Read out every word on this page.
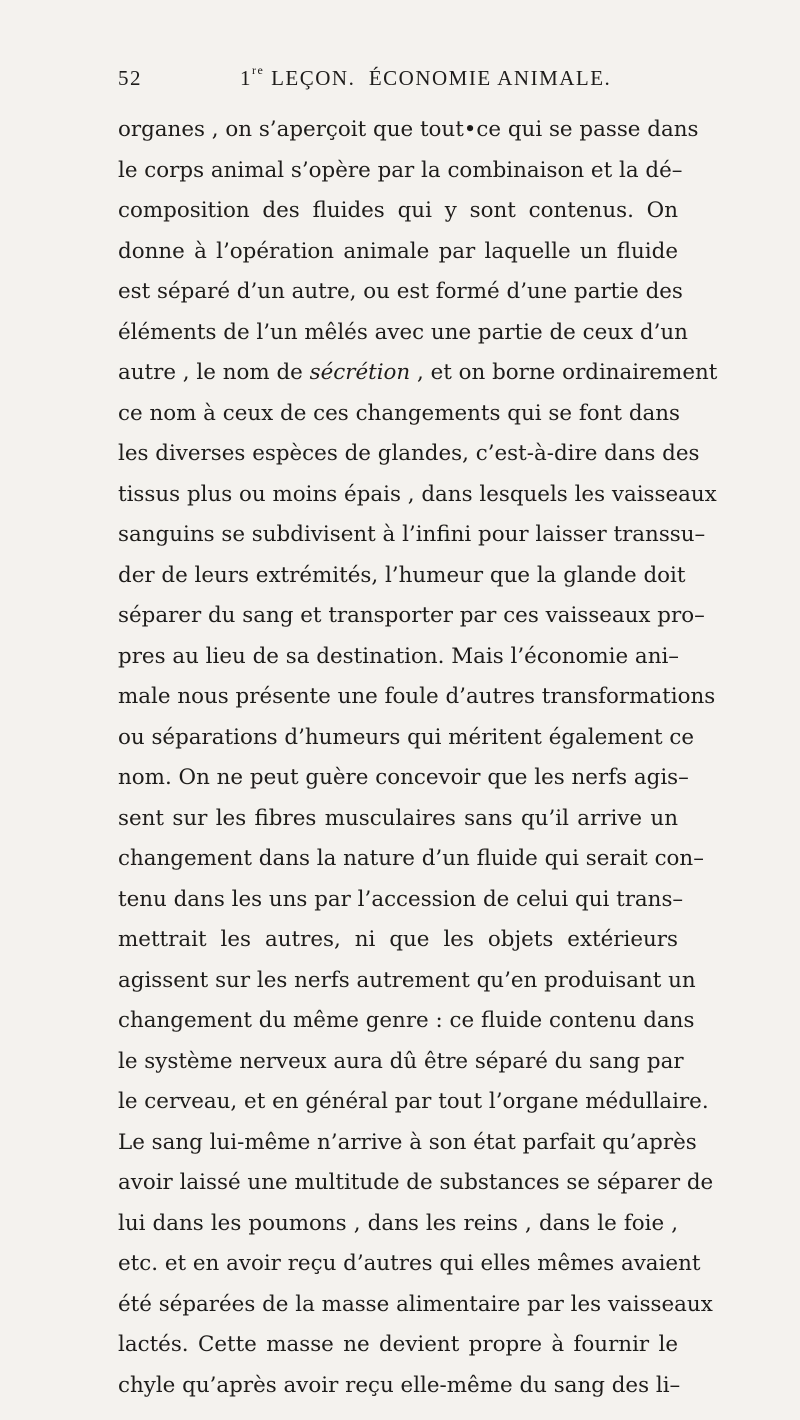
52	1re LEÇON. ÉCONOMIE ANIMALE.
organes , on s’aperçoit que tout•ce qui se passe dans
le corps animal s’opère par la combinaison et la dé–
composition des fluides qui y sont contenus. On
donne à l’opération animale par laquelle un fluide
est séparé d’un autre, ou est formé d’une partie des
éléments de l’un mêlés avec une partie de ceux d’un
autre , le nom de sécrétion , et on borne ordinairement
ce nom à ceux de ces changements qui se font dans
les diverses espèces de glandes, c’est-à-dire dans des
tissus plus ou moins épais , dans lesquels les vaisseaux
sanguins se subdivisent à l’infini pour laisser transsu–
der de leurs extrémités, l’humeur que la glande doit
séparer du sang et transporter par ces vaisseaux pro–
pres au lieu de sa destination. Mais l’économie ani–
male nous présente une foule d’autres transformations
ou séparations d’humeurs qui méritent également ce
nom. On ne peut guère concevoir que les nerfs agis–
sent sur les fibres musculaires sans qu’il arrive un
changement dans la nature d’un fluide qui serait con–
tenu dans les uns par l’accession de celui qui trans–
mettrait les autres, ni que les objets extérieurs
agissent sur les nerfs autrement qu’en produisant un
changement du même genre : ce fluide contenu dans
le système nerveux aura dû être séparé du sang par
le cerveau, et en général par tout l’organe médullaire.
Le sang lui-même n’arrive à son état parfait qu’après
avoir laissé une multitude de substances se séparer de
lui dans les poumons , dans les reins , dans le foie ,
etc. et en avoir reçu d’autres qui elles mêmes avaient
été séparées de la masse alimentaire par les vaisseaux
lactés. Cette masse ne devient propre à fournir le
chyle qu’après avoir reçu elle-même du sang des li–
